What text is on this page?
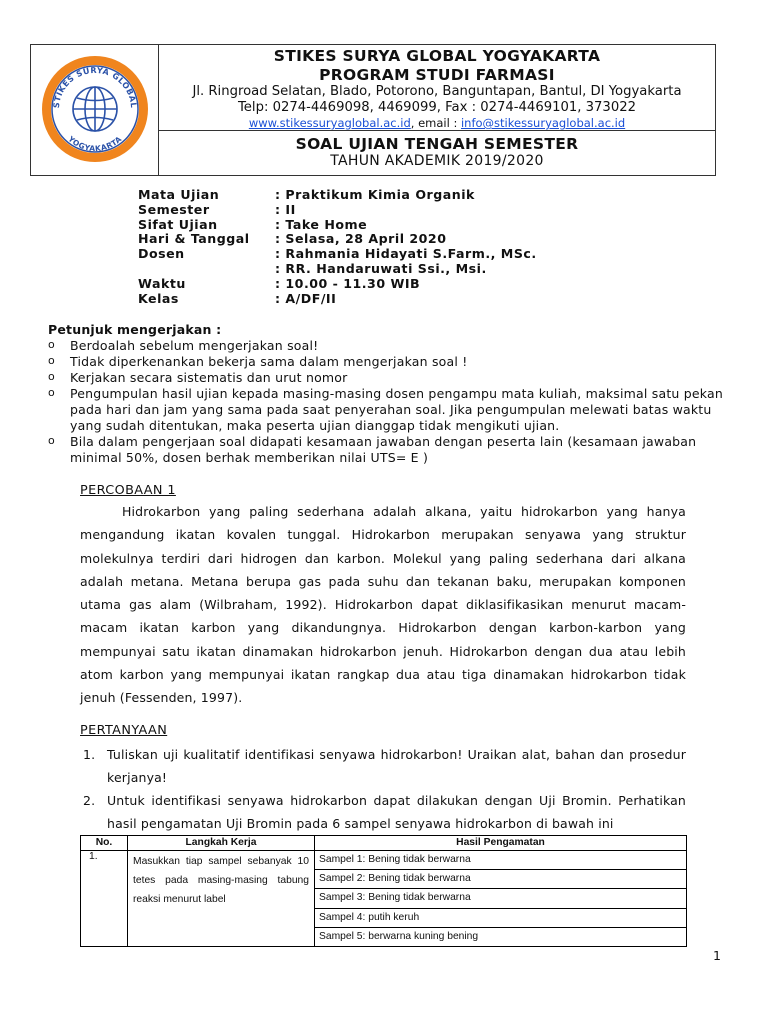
STIKES SURYA GLOBAL
YOGYAKARTA
STIKES SURYA GLOBAL YOGYAKARTA
PROGRAM STUDI FARMASI
Jl. Ringroad Selatan, Blado, Potorono, Banguntapan, Bantul, DI Yogyakarta
Telp: 0274-4469098, 4469099, Fax : 0274-4469101, 373022
www.stikessuryaglobal.ac.id, email : info@stikessuryaglobal.ac.id
SOAL UJIAN TENGAH SEMESTER
TAHUN AKADEMIK 2019/2020
Mata Ujian	: Praktikum Kimia Organik
Semester	: II
Sifat Ujian	: Take Home
Hari & Tanggal : Selasa, 28 April 2020
Dosen	: Rahmania Hidayati S.Farm., MSc.
: RR. Handaruwati Ssi., Msi.
Waktu	: 10.00 - 11.30 WIB
Kelas	: A/DF/II
Petunjuk mengerjakan :
o Berdoalah sebelum mengerjakan soal!
o Tidak diperkenankan bekerja sama dalam mengerjakan soal !
o Kerjakan secara sistematis dan urut nomor
o Pengumpulan hasil ujian kepada masing-masing dosen pengampu mata kuliah, maksimal satu pekan pada hari dan jam yang sama pada saat penyerahan soal. Jika pengumpulan melewati batas waktu yang sudah ditentukan, maka peserta ujian dianggap tidak mengikuti ujian.
o Bila dalam pengerjaan soal didapati kesamaan jawaban dengan peserta lain (kesamaan jawaban minimal 50%, dosen berhak memberikan nilai UTS= E )
PERCOBAAN 1
Hidrokarbon yang paling sederhana adalah alkana, yaitu hidrokarbon yang hanya mengandung ikatan kovalen tunggal. Hidrokarbon merupakan senyawa yang struktur molekulnya terdiri dari hidrogen dan karbon. Molekul yang paling sederhana dari alkana adalah metana. Metana berupa gas pada suhu dan tekanan baku, merupakan komponen utama gas alam (Wilbraham, 1992). Hidrokarbon dapat diklasifikasikan menurut macam-macam ikatan karbon yang dikandungnya. Hidrokarbon dengan karbon-karbon yang mempunyai satu ikatan dinamakan hidrokarbon jenuh. Hidrokarbon dengan dua atau lebih atom karbon yang mempunyai ikatan rangkap dua atau tiga dinamakan hidrokarbon tidak jenuh (Fessenden, 1997).
PERTANYAAN
1. Tuliskan uji kualitatif identifikasi senyawa hidrokarbon! Uraikan alat, bahan dan prosedur kerjanya!
2. Untuk identifikasi senyawa hidrokarbon dapat dilakukan dengan Uji Bromin. Perhatikan hasil pengamatan Uji Bromin pada 6 sampel senyawa hidrokarbon di bawah ini
No.	Langkah Kerja	Hasil Pengamatan
1.	Masukkan tiap sampel sebanyak 10 tetes pada masing-masing tabung reaksi menurut label	Sampel 1: Bening tidak berwarna
Sampel 2: Bening tidak berwarna
Sampel 3: Bening tidak berwarna
Sampel 4: putih keruh
Sampel 5: berwarna kuning bening
1
